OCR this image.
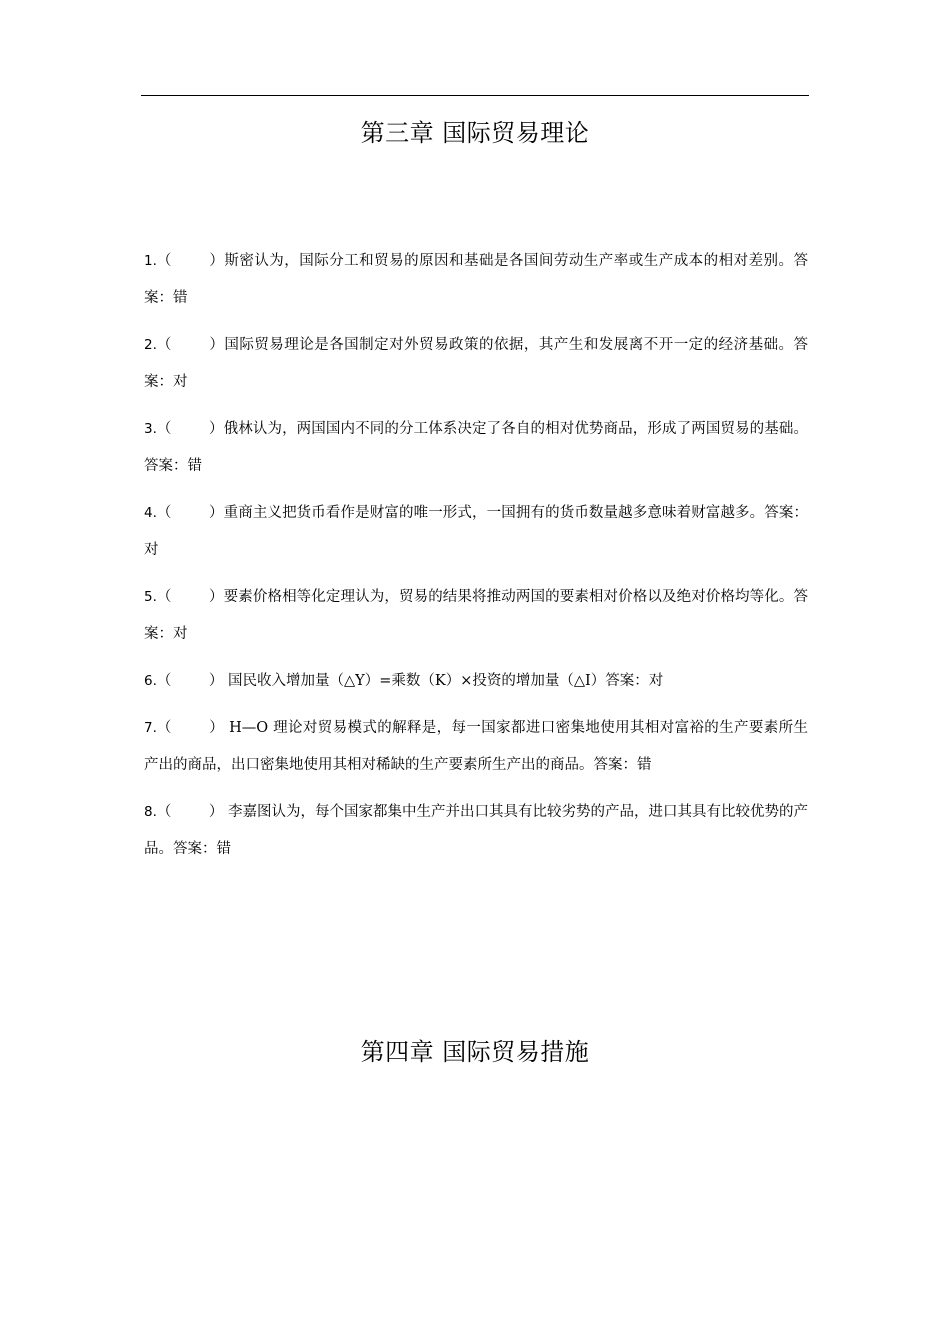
第三章 国际贸易理论

1.（	）斯密认为，国际分工和贸易的原因和基础是各国间劳动生产率或生产成本的相对差别。答案：错

2.（	）国际贸易理论是各国制定对外贸易政策的依据，其产生和发展离不开一定的经济基础。答案：对

3.（	）俄林认为，两国国内不同的分工体系决定了各自的相对优势商品，形成了两国贸易的基础。答案：错

4.（	）重商主义把货币看作是财富的唯一形式，一国拥有的货币数量越多意味着财富越多。答案：对

5.（	）要素价格相等化定理认为，贸易的结果将推动两国的要素相对价格以及绝对价格均等化。答案：对

6.（	） 国民收入增加量（△Y）=乘数（K）×投资的增加量（△I）答案：对

7.（	） H—O 理论对贸易模式的解释是，每一国家都进口密集地使用其相对富裕的生产要素所生产出的商品，出口密集地使用其相对稀缺的生产要素所生产出的商品。答案：错

8.（	） 李嘉图认为，每个国家都集中生产并出口其具有比较劣势的产品，进口其具有比较优势的产品。答案：错

第四章 国际贸易措施
